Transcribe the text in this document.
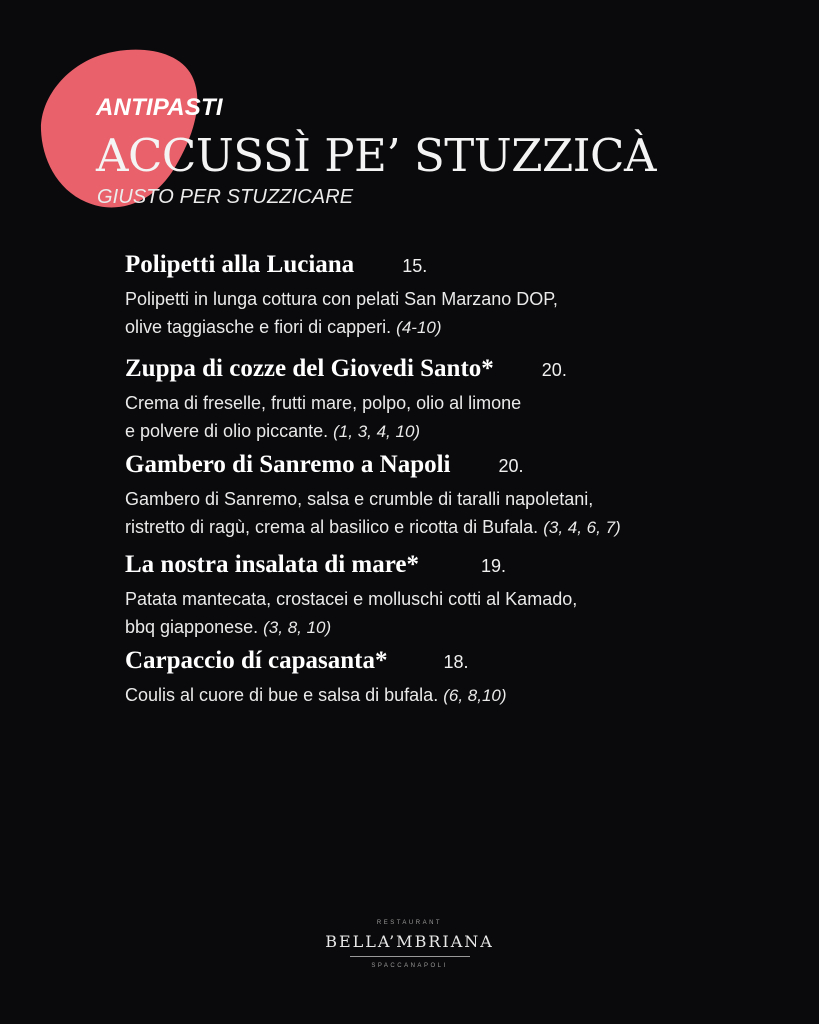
ANTIPASTI
ACCUSSÌ PE’ STUZZICÀ
GIUSTO PER STUZZICARE
Polipetti alla Luciana	15.
Polipetti in lunga cottura con pelati San Marzano DOP,
olive taggiasche e fiori di capperi. (4-10)
Zuppa di cozze del Giovedi Santo*	20.
Crema di freselle, frutti mare, polpo, olio al limone
e polvere di olio piccante. (1, 3, 4, 10)
Gambero di Sanremo a Napoli	20.
Gambero di Sanremo, salsa e crumble di taralli napoletani,
ristretto di ragù, crema al basilico e ricotta di Bufala. (3, 4, 6, 7)
La nostra insalata di mare*	19.
Patata mantecata, crostacei e molluschi cotti al Kamado,
bbq giapponese. (3, 8, 10)
Carpaccio dí capasanta*	18.
Coulis al cuore di bue e salsa di bufala. (6, 8,10)
RESTAURANT
BELLA’MBRIANA
SPACCANAPOLI
